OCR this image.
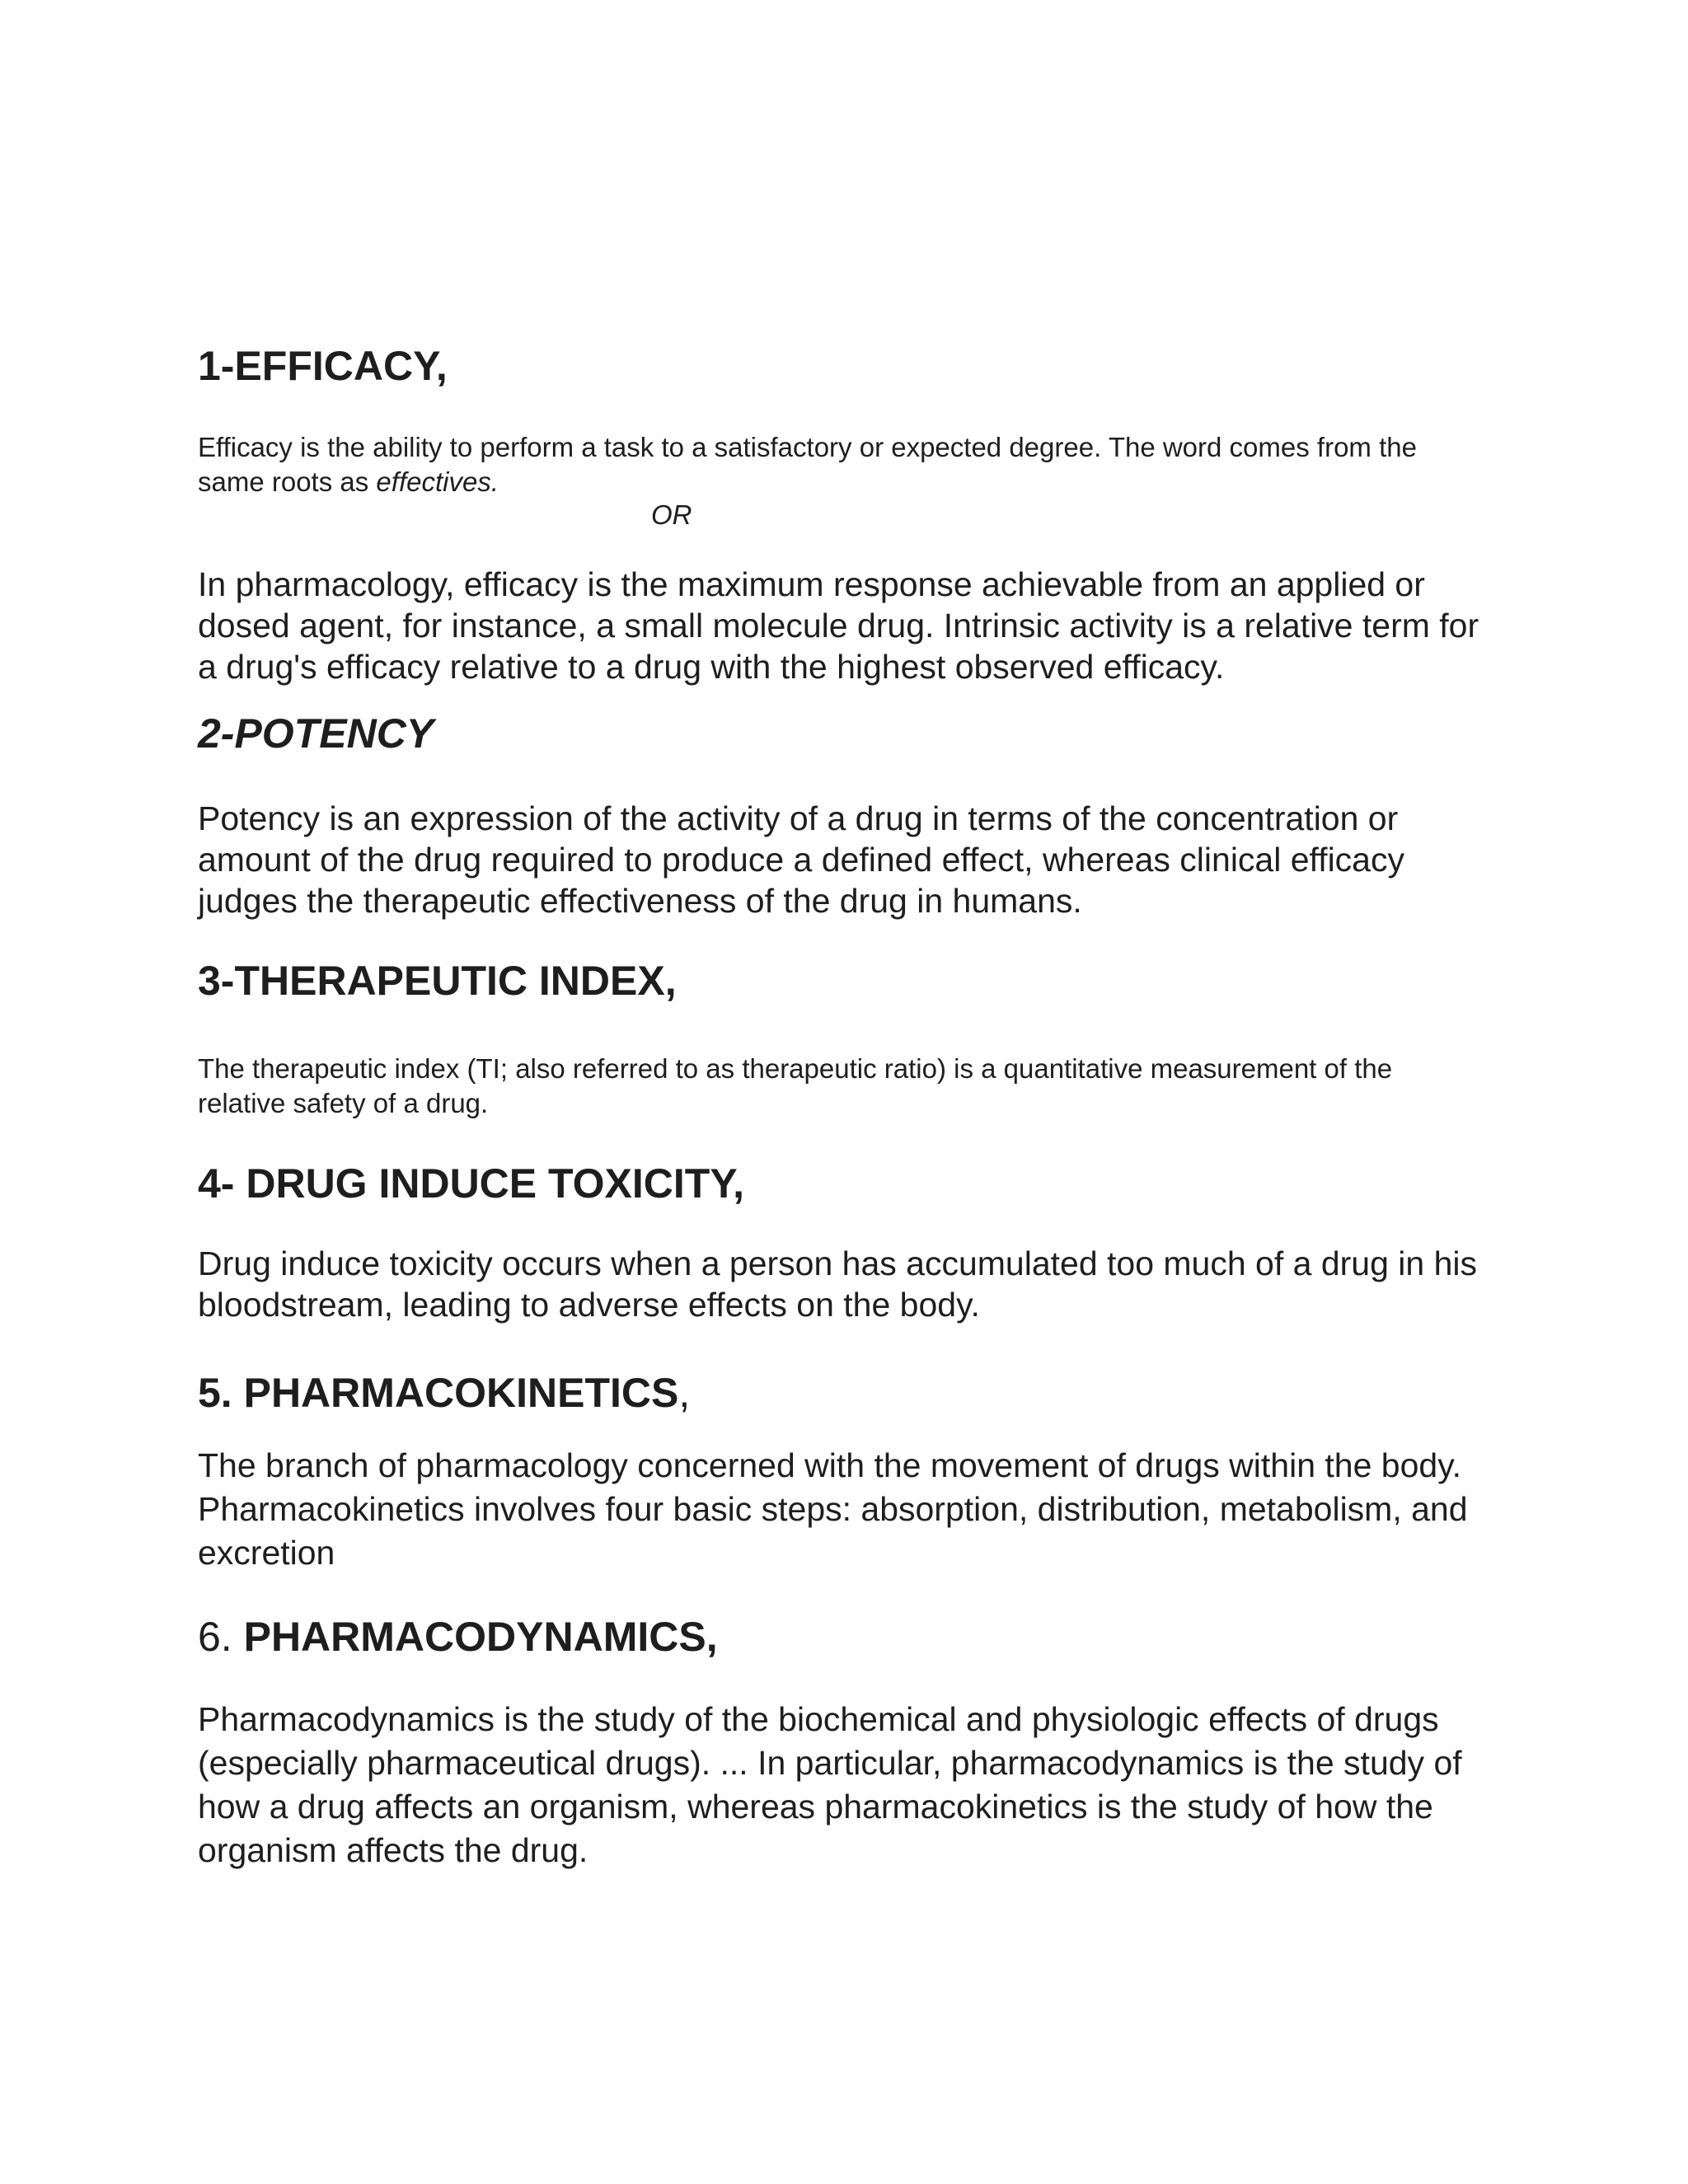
1-EFFICACY,

Efficacy is the ability to perform a task to a satisfactory or expected degree. The word comes from the same roots as effectives.

OR

In pharmacology, efficacy is the maximum response achievable from an applied or dosed agent, for instance, a small molecule drug. Intrinsic activity is a relative term for a drug's efficacy relative to a drug with the highest observed efficacy.

2-POTENCY

Potency is an expression of the activity of a drug in terms of the concentration or amount of the drug required to produce a defined effect, whereas clinical efficacy judges the therapeutic effectiveness of the drug in humans.

3-THERAPEUTIC INDEX,

The therapeutic index (TI; also referred to as therapeutic ratio) is a quantitative measurement of the relative safety of a drug.

4- DRUG INDUCE TOXICITY,

Drug induce toxicity occurs when a person has accumulated too much of a drug in his bloodstream, leading to adverse effects on the body.

5. PHARMACOKINETICS,

The branch of pharmacology concerned with the movement of drugs within the body. Pharmacokinetics involves four basic steps: absorption, distribution, metabolism, and excretion

6. PHARMACODYNAMICS,

Pharmacodynamics is the study of the biochemical and physiologic effects of drugs (especially pharmaceutical drugs). ... In particular, pharmacodynamics is the study of how a drug affects an organism, whereas pharmacokinetics is the study of how the organism affects the drug.
